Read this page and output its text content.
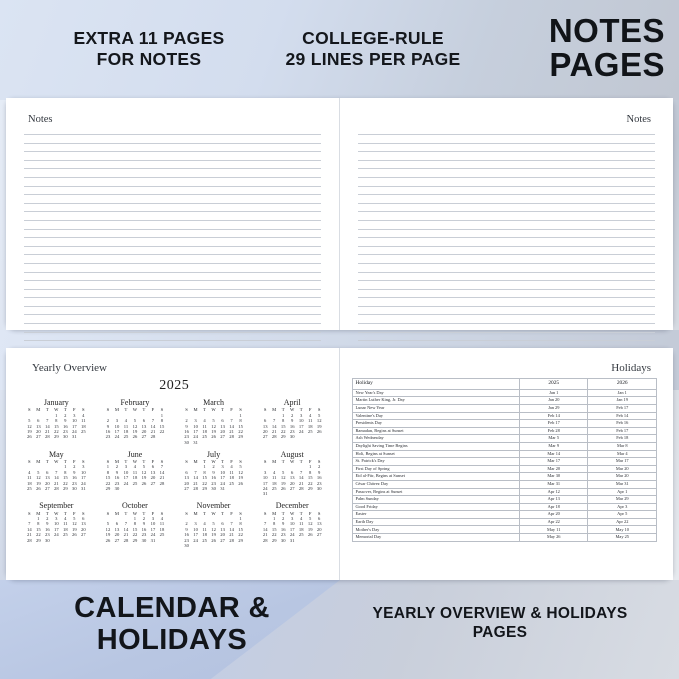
EXTRA 11 PAGES
FOR NOTES
COLLEGE-RULE
29 LINES PER PAGE
NOTES
PAGES
Notes	Notes
Yearly Overview
2025
January
S	M	T	W	T	F	S
			1	2	3	4
5	6	7	8	9	10	11
12	13	14	15	16	17	18
19	20	21	22	23	24	25
26	27	28	29	30	31	
February
S	M	T	W	T	F	S
						1
2	3	4	5	6	7	8
9	10	11	12	13	14	15
16	17	18	19	20	21	22
23	24	25	26	27	28	
March
S	M	T	W	T	F	S
						1
2	3	4	5	6	7	8
9	10	11	12	13	14	15
16	17	18	19	20	21	22
23	24	25	26	27	28	29
30	31					
April
S	M	T	W	T	F	S
		1	2	3	4	5
6	7	8	9	10	11	12
13	14	15	16	17	18	19
20	21	22	23	24	25	26
27	28	29	30			
May
S	M	T	W	T	F	S
				1	2	3
4	5	6	7	8	9	10
11	12	13	14	15	16	17
18	19	20	21	22	23	24
25	26	27	28	29	30	31
June
S	M	T	W	T	F	S
1	2	3	4	5	6	7
8	9	10	11	12	13	14
15	16	17	18	19	20	21
22	23	24	25	26	27	28
29	30					
July
S	M	T	W	T	F	S
		1	2	3	4	5
6	7	8	9	10	11	12
13	14	15	16	17	18	19
20	21	22	23	24	25	26
27	28	29	30	31		
August
S	M	T	W	T	F	S
					1	2
3	4	5	6	7	8	9
10	11	12	13	14	15	16
17	18	19	20	21	22	23
24	25	26	27	28	29	30
31						
September
S	M	T	W	T	F	S
	1	2	3	4	5	6
7	8	9	10	11	12	13
14	15	16	17	18	19	20
21	22	23	24	25	26	27
28	29	30				
October
S	M	T	W	T	F	S
			1	2	3	4
5	6	7	8	9	10	11
12	13	14	15	16	17	18
19	20	21	22	23	24	25
26	27	28	29	30	31	
November
S	M	T	W	T	F	S
						1
2	3	4	5	6	7	8
9	10	11	12	13	14	15
16	17	18	19	20	21	22
23	24	25	26	27	28	29
30						
December
S	M	T	W	T	F	S
	1	2	3	4	5	6
7	8	9	10	11	12	13
14	15	16	17	18	19	20
21	22	23	24	25	26	27
28	29	30	31			
Holidays
Holiday	2025	2026
New Year's Day	Jan 1	Jan 1
Martin Luther King, Jr. Day	Jan 20	Jan 19
Lunar New Year	Jan 29	Feb 17
Valentine's Day	Feb 14	Feb 14
Presidents Day	Feb 17	Feb 16
Ramadan, Begins at Sunset	Feb 28	Feb 17
Ash Wednesday	Mar 5	Feb 18
Daylight Saving Time Begins	Mar 9	Mar 8
Holi, Begins at Sunset	Mar 14	Mar 4
St. Patrick's Day	Mar 17	Mar 17
First Day of Spring	Mar 20	Mar 20
Eid al-Fitr, Begins at Sunset	Mar 30	Mar 20
César Chávez Day	Mar 31	Mar 31
Passover, Begins at Sunset	Apr 12	Apr 1
Palm Sunday	Apr 13	Mar 29
Good Friday	Apr 18	Apr 3
Easter	Apr 20	Apr 5
Earth Day	Apr 22	Apr 22
Mother's Day	May 11	May 10
Memorial Day	May 26	May 25
CALENDAR &
HOLIDAYS
YEARLY OVERVIEW & HOLIDAYS
PAGES
